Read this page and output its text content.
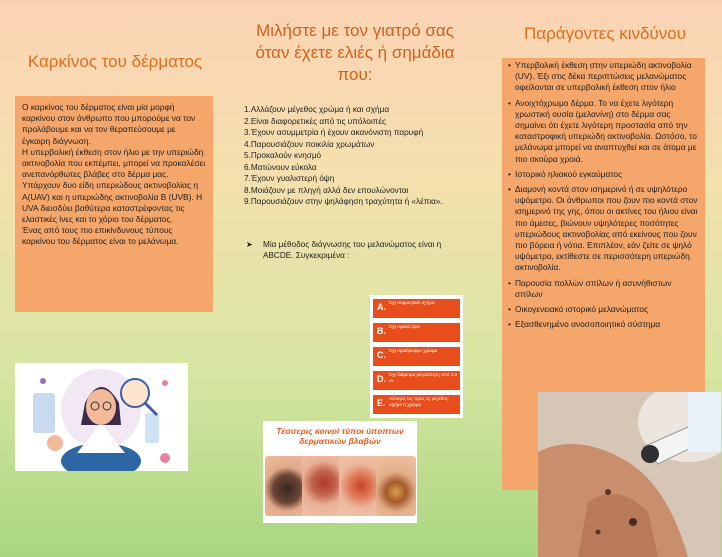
Καρκίνος του δέρματος

Ο καρκίνος του δέρματος είναι μία μορφή καρκίνου στον άνθρωπο που μπορούμε να τον προλάβουμε και να τον θεραπεύσουμε με έγκαιρη διάγνωση.

Η υπερβολική έκθεση στον ήλιο με την υπεριώδη ακτινοβολία που εκπέμπει, μπορεί να προκαλέσει ανεπανόρθωτες βλάβες στο δέρμα μας.

Υπάρχουν δυο είδη υπεριώδους ακτινοβολίας η Α(UAV) και η υπεριώδης ακτινοβολία Β (UVB). Η UVA διεισδύει βαθύτερα καταστρέφοντας τις ελαστικές ίνες και το χόριο του δέρματος.

Ένας από τους πιο επικίνδυνους τύπους καρκίνου του δέρματος είναι το μελάνωμα.

Μιλήστε με τον γιατρό σας όταν έχετε ελιές ή σημάδια που:
1.Αλλάζουν μέγεθος χρώμα ή και σχήμα
2.Είναι διαφορετικές από τις υπόλοιπές
3.Έχουν ασυμμετρία ή έχουν ακανόνιστη παρυφή
4.Παρουσιάζουν ποικιλία χρωμάτων
5.Προκαλούν κνησμό
6.Ματώνουν εύκολα
7.Έχουν γυαλιστερή όψη
8.Μοιάζουν με πληγή αλλά δεν επουλώνονται
9.Παρουσιάζουν στην ψηλάφηση τραχύτητα ή «λέπια».
➤	Μία μέθοδος διάγνωσης του μελανώματος είναι η ABCDE. Συγκεκριμένα :
A. Όχι συμμετρικό σχήμα
B. Όχι ομαλά όρια
C. Όχι ομοιόμορφο χρώμα
D. Όχι διάμετρο μεγαλύτερη από 3,5 εκ.
E. Αλλαγές ως προς τη μέγεθος, σχήμα ή χρώμα
Τέσσερις κοινοί τύποι ύποπτων δερματικών βλαβών
Παράγοντες κινδύνου
• Υπερβολική έκθεση στην υπεριώδη ακτινοβολία (UV). Έξι στις δέκα περιπτώσεις μελανώματος οφείλονται σε υπερβολική έκθεση στον ήλιο
• Ανοιχτόχρωμο δέρμα. Το να έχετε λιγότερη χρωστική ουσία (μελανίνη) στο δέρμα σας σημαίνει ότι έχετε λιγότερη προστασία από την καταστροφική υπεριώδη ακτινοβολία. Ωστόσο, το μελάνωμα μπορεί να αναπτυχθεί και σε άτομα με πιο σκούρα χροιά.
• Ιστορικό ηλιακού εγκαύματος
• Διαμονή κοντά στον ισημερινό ή σε υψηλότερο υψόμετρο. Οι άνθρωποι που ζουν πιο κοντά στον ισημερινό της γης, όπου οι ακτίνες του ήλιου είναι πιο άμεσες, βιώνουν υψηλότερες ποσότητες υπεριώδους ακτινοβολίας από εκείνους που ζουν πιο βόρεια ή νότια. Επιπλέον, εάν ζείτε σε ψηλό υψόμετρο, εκτίθεστε σε περισσότερη υπεριώδη ακτινοβολία.
• Παρουσία πολλών σπίλων ή ασυνήθιστων σπίλων
• Οικογενειακό ιστορικό μελανώματος
• Εξασθενημένο ανοσοποιητικό σύστημα
